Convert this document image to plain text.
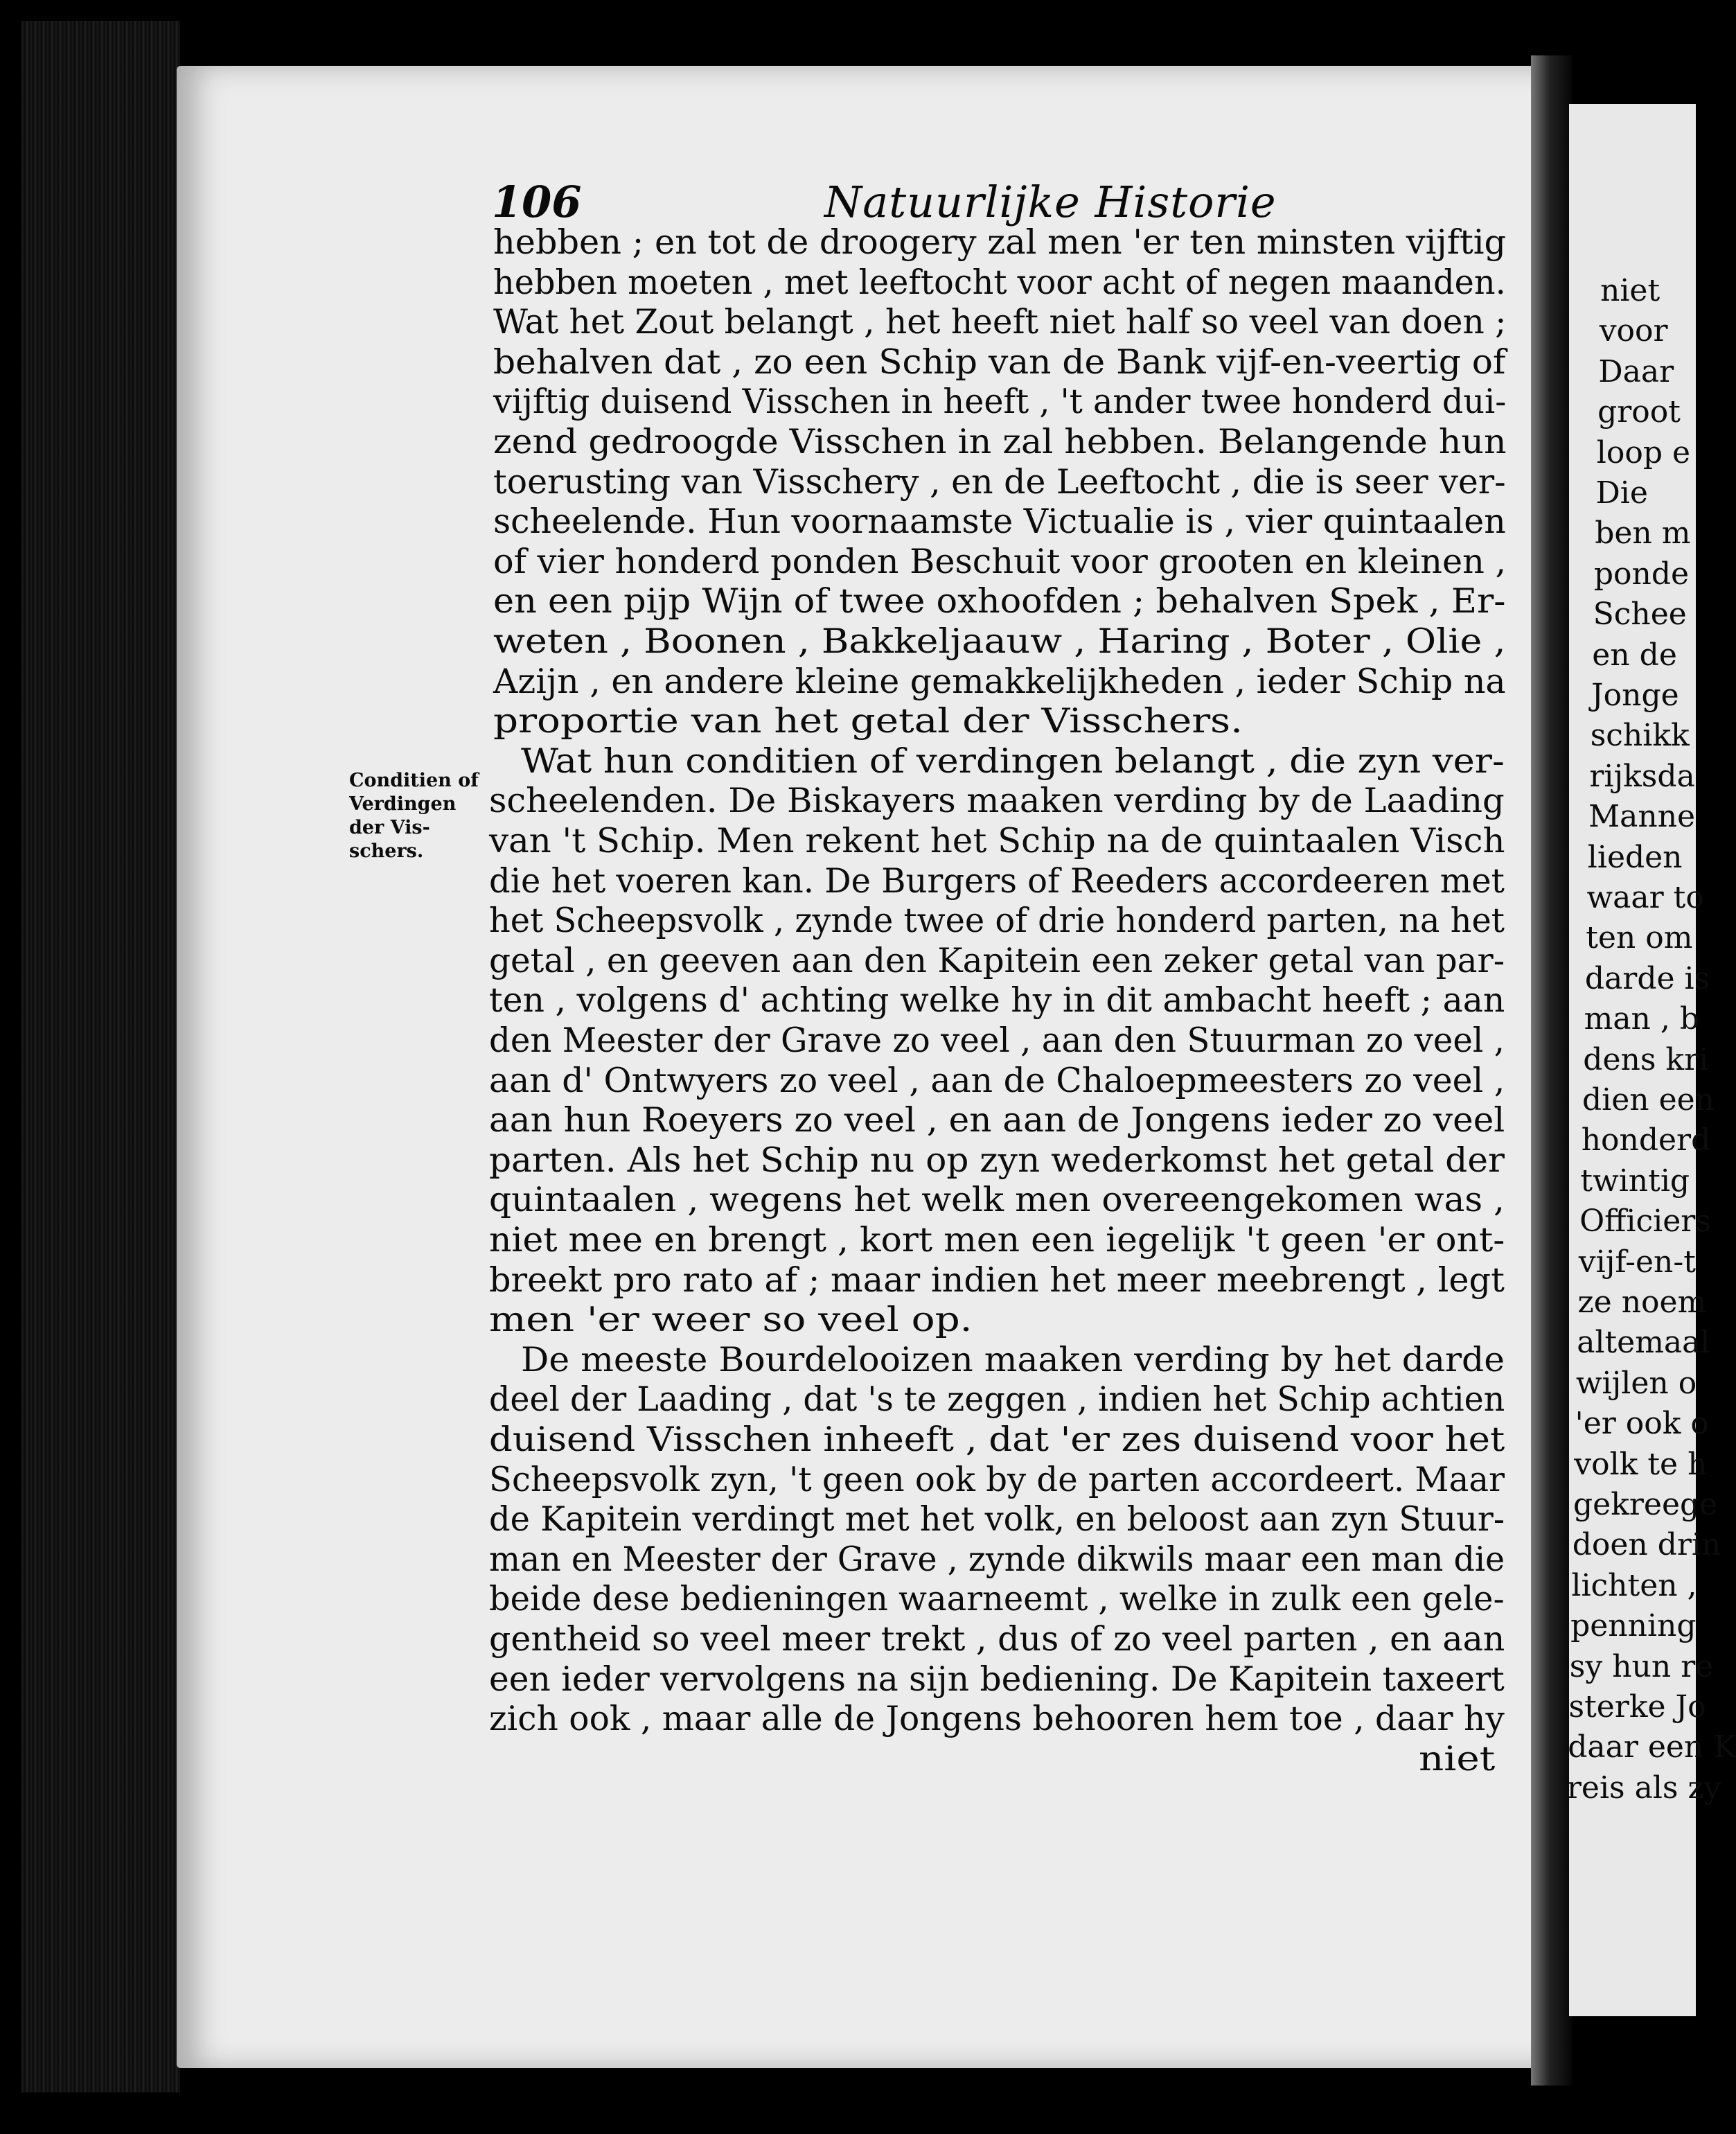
106	Natuurlijke Historie
hebben ; en tot de droogery zal men 'er ten minsten vijftig
hebben moeten , met leeftocht voor acht of negen maanden.
Wat het Zout belangt , het heeft niet half so veel van doen ;
behalven dat , zo een Schip van de Bank vijf-en-veertig of
vijftig duisend Visschen in heeft , 't ander twee honderd dui-
zend gedroogde Visschen in zal hebben. Belangende hun
toerusting van Visschery , en de Leeftocht , die is seer ver-
scheelende. Hun voornaamste Victualie is , vier quintaalen
of vier honderd ponden Beschuit voor grooten en kleinen ,
en een pijp Wijn of twee oxhoofden ; behalven Spek , Er-
weten , Boonen , Bakkeljaauw , Haring , Boter , Olie ,
Azijn , en andere kleine gemakkelijkheden , ieder Schip na
proportie van het getal der Visschers.
Wat hun conditien of verdingen belangt , die zyn ver-
scheelenden. De Biskayers maaken verding by de Laading
van 't Schip. Men rekent het Schip na de quintaalen Visch
die het voeren kan. De Burgers of Reeders accordeeren met
het Scheepsvolk , zynde twee of drie honderd parten, na het
getal , en geeven aan den Kapitein een zeker getal van par-
ten , volgens d' achting welke hy in dit ambacht heeft ; aan
den Meester der Grave zo veel , aan den Stuurman zo veel ,
aan d' Ontwyers zo veel , aan de Chaloepmeesters zo veel ,
aan hun Roeyers zo veel , en aan de Jongens ieder zo veel
parten. Als het Schip nu op zyn wederkomst het getal der
quintaalen , wegens het welk men overeengekomen was ,
niet mee en brengt , kort men een iegelijk 't geen 'er ont-
breekt pro rato af ; maar indien het meer meebrengt , legt
men 'er weer so veel op.
De meeste Bourdelooizen maaken verding by het darde
deel der Laading , dat 's te zeggen , indien het Schip achtien
duisend Visschen inheeft , dat 'er zes duisend voor het
Scheepsvolk zyn, 't geen ook by de parten accordeert. Maar
de Kapitein verdingt met het volk, en beloost aan zyn Stuur-
man en Meester der Grave , zynde dikwils maar een man die
beide dese bedieningen waarneemt , welke in zulk een gele-
gentheid so veel meer trekt , dus of zo veel parten , en aan
een ieder vervolgens na sijn bediening. De Kapitein taxeert
zich ook , maar alle de Jongens behooren hem toe , daar hy
niet
Conditien of
Verdingen
der Vis-
schers.
niet
voor
Daar
groot
loop e
Die
ben m
ponde
Schee
en de
Jonge
schikk
rijksda
Manne
lieden
waar to
ten om
darde is
man , b
dens kri
dien een
honderd
twintig
Officiers
vijf-en-t
ze noem
altemaal
wijlen o
'er ook o
volk te h
gekreege
doen drin
lichten ,
penning
sy hun re
sterke Jo
daar een K
reis als zy
